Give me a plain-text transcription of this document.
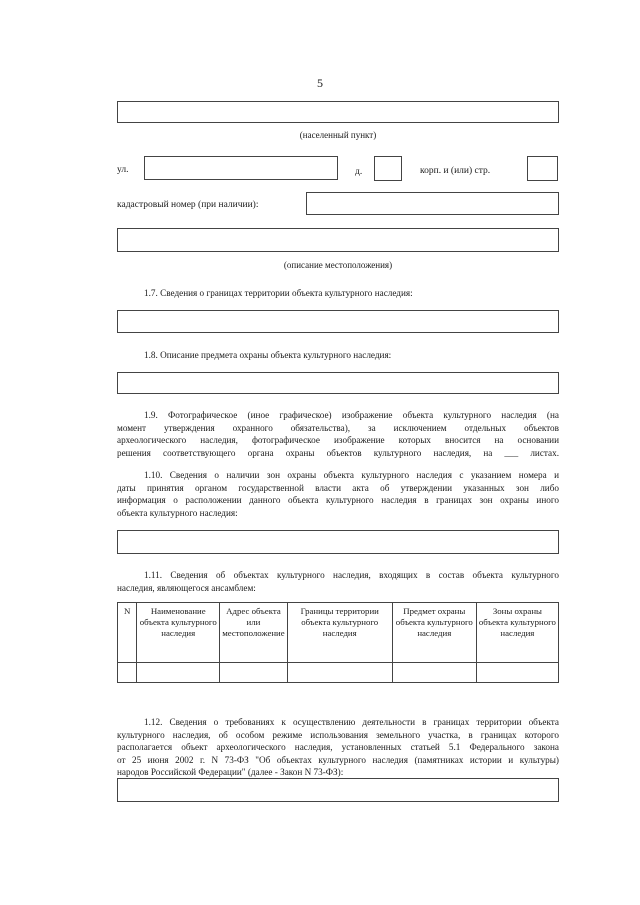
5
(населенный пункт)
ул.	д.	корп. и (или) стр.
кадастровый номер (при наличии):
(описание местоположения)
1.7. Сведения о границах территории объекта культурного наследия:
1.8. Описание предмета охраны объекта культурного наследия:
1.9. Фотографическое (иное графическое) изображение объекта культурного наследия (на
момент утверждения охранного обязательства), за исключением отдельных объектов
археологического наследия, фотографическое изображение которых вносится на основании
решения соответствующего органа охраны объектов культурного наследия, на ___ листах.
1.10. Сведения о наличии зон охраны объекта культурного наследия с указанием номера и
даты принятия органом государственной власти акта об утверждении указанных зон либо
информация о расположении данного объекта культурного наследия в границах зон охраны иного
объекта культурного наследия:
1.11. Сведения об объектах культурного наследия, входящих в состав объекта культурного
наследия, являющегося ансамблем:
N	Наименование объекта культурного наследия	Адрес объекта или местоположение	Границы территории объекта культурного наследия	Предмет охраны объекта культурного наследия	Зоны охраны объекта культурного наследия

1.12. Сведения о требованиях к осуществлению деятельности в границах территории объекта
культурного наследия, об особом режиме использования земельного участка, в границах которого
располагается объект археологического наследия, установленных статьей 5.1 Федерального закона
от 25 июня 2002 г. N 73-ФЗ "Об объектах культурного наследия (памятниках истории и культуры)
народов Российской Федерации" (далее - Закон N 73-ФЗ):
